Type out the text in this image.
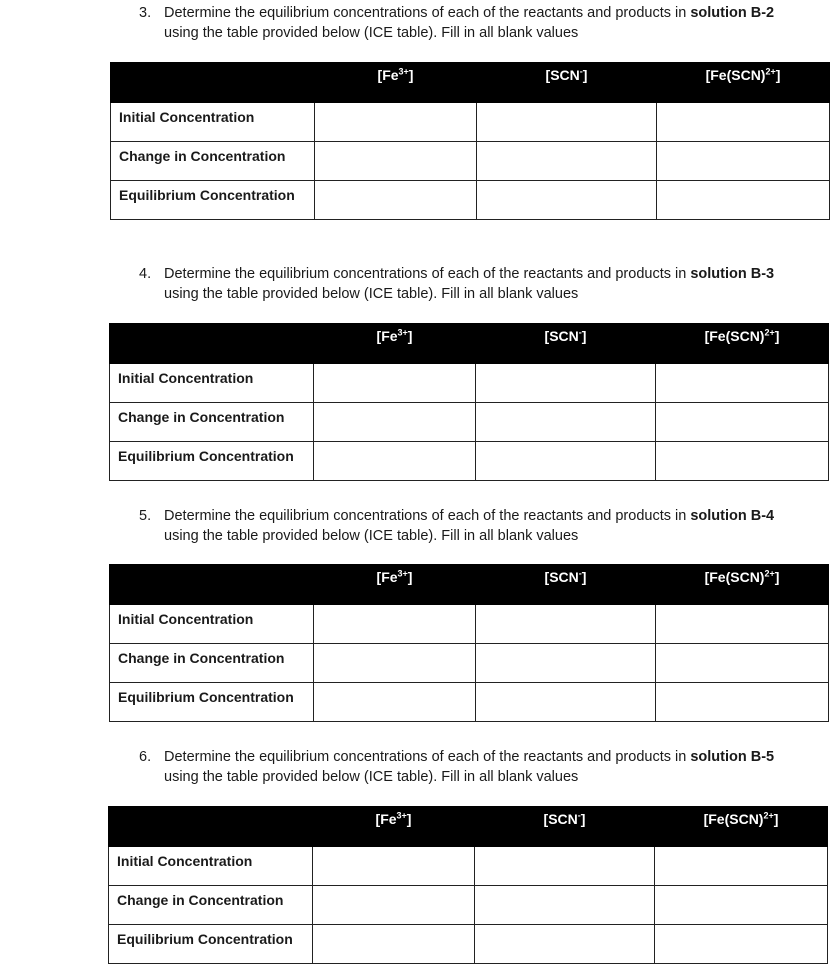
3. Determine the equilibrium concentrations of each of the reactants and products in solution B-2
using the table provided below (ICE table). Fill in all blank values
	$[Fe^{3+}]$	[SCN-]	[Fe(SCN)$^{2+}$]
Initial Concentration			
Change in Concentration			
Equilibrium Concentration			
4. Determine the equilibrium concentrations of each of the reactants and products in solution B-3
using the table provided below (ICE table). Fill in all blank values
	$[Fe^{3+}]$	[SCN-]	[Fe(SCN)$^{2+}$]
Initial Concentration			
Change in Concentration			
Equilibrium Concentration			
5. Determine the equilibrium concentrations of each of the reactants and products in solution B-4
using the table provided below (ICE table). Fill in all blank values
	$[Fe^{3+}]$	[SCN-]	[Fe(SCN)$^{2+}$]
Initial Concentration			
Change in Concentration			
Equilibrium Concentration			
6. Determine the equilibrium concentrations of each of the reactants and products in solution B-5
using the table provided below (ICE table). Fill in all blank values
	$[Fe^{3+}]$	[SCN-]	[Fe(SCN)$^{2+}$]
Initial Concentration			
Change in Concentration			
Equilibrium Concentration			
